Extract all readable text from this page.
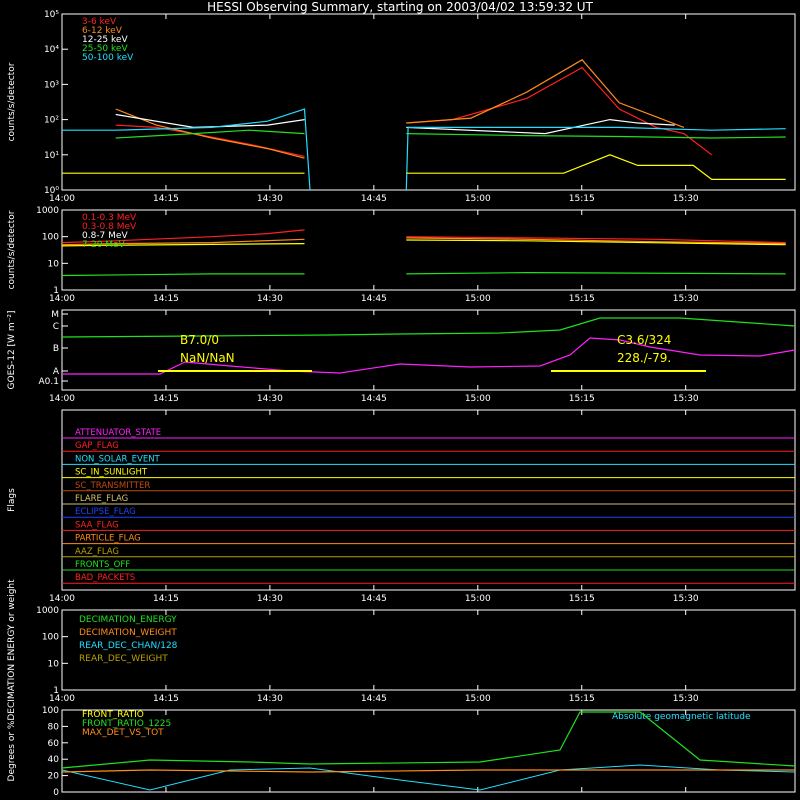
HESSI Observing Summary, starting on 2003/04/02 13:59:32 UT
14:00	14:15	14:30	14:45	15:00	15:15	15:30
14:00	14:15	14:30	14:45	15:00	15:15	15:30
14:00	14:15	14:30	14:45	15:00	15:15	15:30
14:00	14:15	14:30	14:45	15:00	15:15	15:30
14:00	14:15	14:30	14:45	15:00	15:15	15:30
10⁰
10¹
10²
10³
10⁴
10⁵
counts/s/detector
3-6 keV
6-12 keV
12-25 keV
25-50 keV
50-100 keV
1
10
100
1000
counts/s/detector	0.1-0.3 MeV
0.3-0.8 MeV
0.8-7 MeV
7-20 MeV
A0.1
A
B
C
M
GOES-12 [W m⁻²]	B7.0/0
NaN/NaN
C3.6/324
228./-79.
Flags
ATTENUATOR_STATE
GAP_FLAG
NON_SOLAR_EVENT
SC_IN_SUNLIGHT
SC_TRANSMITTER
FLARE_FLAG
ECLIPSE_FLAG
SAA_FLAG
PARTICLE_FLAG
AAZ_FLAG
FRONTS_OFF
BAD_PACKETS
1
10
100
1000
DECIMATION ENERGY or weight	DECIMATION_ENERGY
DECIMATION_WEIGHT
REAR_DEC_CHAN/128
REAR_DEC_WEIGHT
0
20
40
60
80
100
Degrees or %
FRONT_RATIO
FRONT_RATIO_1225
MAX_DET_VS_TOT
Absolute geomagnetic latitude
